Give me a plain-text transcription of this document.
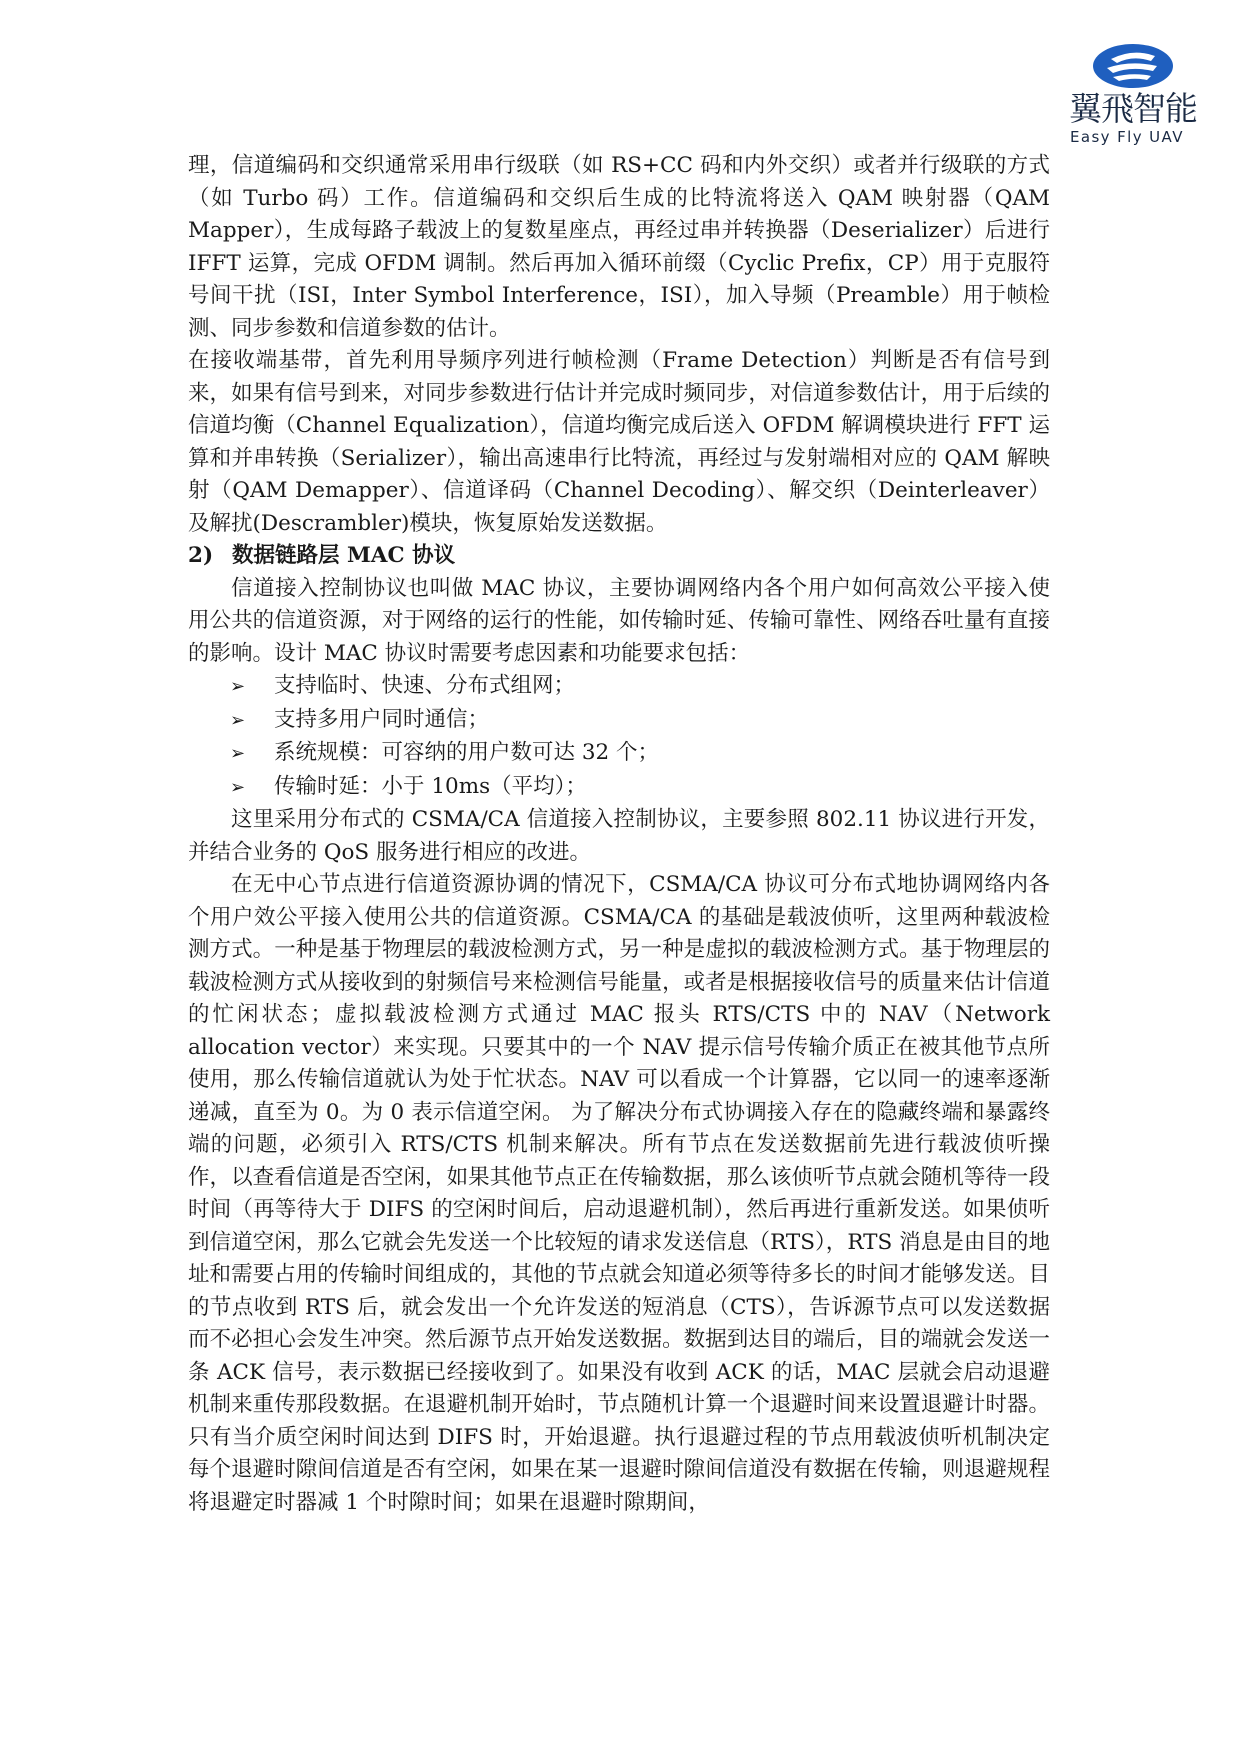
翼飛智能
Easy Fly UAV

理，信道编码和交织通常采用串行级联（如 RS+CC 码和内外交织）或者并行级联的方式（如 Turbo 码）工作。信道编码和交织后生成的比特流将送入 QAM 映射器（QAM Mapper），生成每路子载波上的复数星座点，再经过串并转换器（Deserializer）后进行 IFFT 运算，完成 OFDM 调制。然后再加入循环前缀（Cyclic Prefix，CP）用于克服符号间干扰（ISI，Inter Symbol Interference，ISI），加入导频（Preamble）用于帧检测、同步参数和信道参数的估计。

在接收端基带，首先利用导频序列进行帧检测（Frame Detection）判断是否有信号到来，如果有信号到来，对同步参数进行估计并完成时频同步，对信道参数估计，用于后续的信道均衡（Channel Equalization），信道均衡完成后送入 OFDM 解调模块进行 FFT 运算和并串转换（Serializer），输出高速串行比特流，再经过与发射端相对应的 QAM 解映射（QAM Demapper）、信道译码（Channel Decoding）、解交织（Deinterleaver）及解扰(Descrambler)模块，恢复原始发送数据。

2) 数据链路层 MAC 协议

信道接入控制协议也叫做 MAC 协议，主要协调网络内各个用户如何高效公平接入使用公共的信道资源，对于网络的运行的性能，如传输时延、传输可靠性、网络吞吐量有直接的影响。设计 MAC 协议时需要考虑因素和功能要求包括：

➢ 支持临时、快速、分布式组网；
➢ 支持多用户同时通信；
➢ 系统规模：可容纳的用户数可达 32 个；
➢ 传输时延：小于 10ms（平均）；

这里采用分布式的 CSMA/CA 信道接入控制协议，主要参照 802.11 协议进行开发，并结合业务的 QoS 服务进行相应的改进。

在无中心节点进行信道资源协调的情况下，CSMA/CA 协议可分布式地协调网络内各个用户效公平接入使用公共的信道资源。CSMA/CA 的基础是载波侦听，这里两种载波检测方式。一种是基于物理层的载波检测方式，另一种是虚拟的载波检测方式。基于物理层的载波检测方式从接收到的射频信号来检测信号能量，或者是根据接收信号的质量来估计信道的忙闲状态；虚拟载波检测方式通过 MAC 报头 RTS/CTS 中的 NAV（Network allocation vector）来实现。只要其中的一个 NAV 提示信号传输介质正在被其他节点所使用，那么传输信道就认为处于忙状态。NAV 可以看成一个计算器，它以同一的速率逐渐递减，直至为 0。为 0 表示信道空闲。 为了解决分布式协调接入存在的隐藏终端和暴露终端的问题，必须引入 RTS/CTS 机制来解决。所有节点在发送数据前先进行载波侦听操作，以查看信道是否空闲，如果其他节点正在传输数据，那么该侦听节点就会随机等待一段时间（再等待大于 DIFS 的空闲时间后，启动退避机制），然后再进行重新发送。如果侦听到信道空闲，那么它就会先发送一个比较短的请求发送信息（RTS），RTS 消息是由目的地址和需要占用的传输时间组成的，其他的节点就会知道必须等待多长的时间才能够发送。目的节点收到 RTS 后，就会发出一个允许发送的短消息（CTS），告诉源节点可以发送数据而不必担心会发生冲突。然后源节点开始发送数据。数据到达目的端后，目的端就会发送一条 ACK 信号，表示数据已经接收到了。如果没有收到 ACK 的话，MAC 层就会启动退避机制来重传那段数据。在退避机制开始时，节点随机计算一个退避时间来设置退避计时器。只有当介质空闲时间达到 DIFS 时，开始退避。执行退避过程的节点用载波侦听机制决定每个退避时隙间信道是否有空闲，如果在某一退避时隙间信道没有数据在传输，则退避规程将退避定时器减 1 个时隙时间；如果在退避时隙期间，
